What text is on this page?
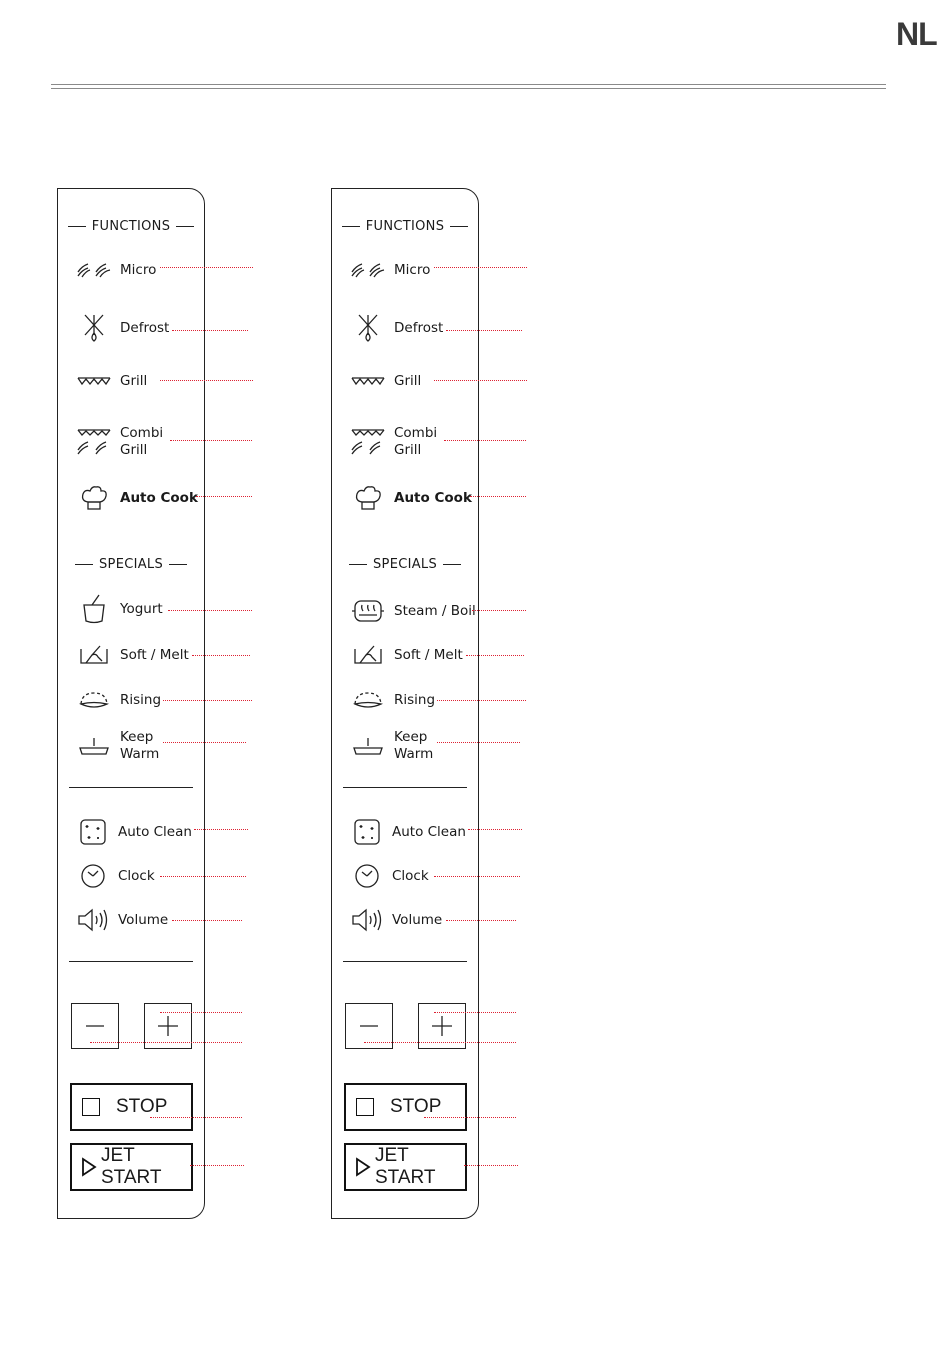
NL
FUNCTIONS
Micro
Defrost
Grill
Combi
Grill
Auto Cook
SPECIALS
Yogurt
Soft / Melt
Rising
Keep
Warm
Auto Clean
Clock
Volume
STOP
JET START
FUNCTIONS
Micro
Defrost
Grill
Combi
Grill
Auto Cook
SPECIALS
Steam / Boil
Soft / Melt
Rising
Keep
Warm
Auto Clean
Clock
Volume
STOP
JET START
